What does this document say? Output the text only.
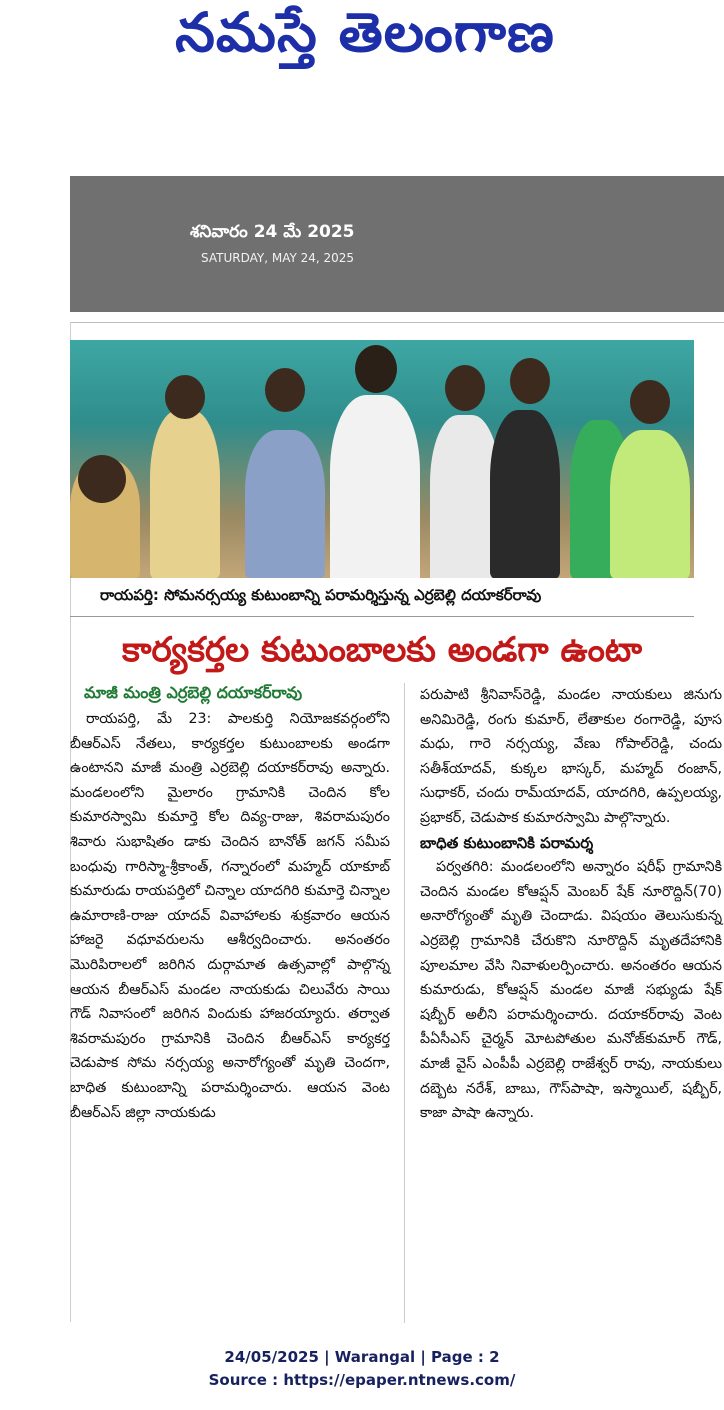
నమస్తే తెలంగాణ
శనివారం 24 మే 2025
SATURDAY, MAY 24, 2025
రాయపర్తి: సోమనర్సయ్య కుటుంబాన్ని పరామర్శిస్తున్న ఎర్రబెల్లి దయాకర్‌రావు
కార్యకర్తల కుటుంబాలకు అండగా ఉంటా
మాజీ మంత్రి ఎర్రబెల్లి దయాకర్‌రావు

రాయపర్తి, మే 23: పాలకుర్తి నియోజకవర్గంలోని బీఆర్‌ఎస్ నేతలు, కార్యకర్తల కుటుంబాలకు అండగా ఉంటానని మాజీ మంత్రి ఎర్రబెల్లి దయాకర్‌రావు అన్నారు. మండలంలోని మైలారం గ్రామానికి చెందిన కోల కుమారస్వామి కుమార్తె కోల దివ్య-రాజు, శివరామపురం శివారు సుభాషితం డాకు చెందిన బానోత్ జగన్ సమీప బంధువు గారిస్మా-శ్రీకాంత్, గన్నారంలో మహ్మద్ యాకూబ్ కుమారుడు రాయపర్తిలో చిన్నాల యాదగిరి కుమార్తె చిన్నాల ఉమారాణి-రాజు యాదవ్ వివాహాలకు శుక్రవారం ఆయన హాజరై వధూవరులను ఆశీర్వదించారు. అనంతరం మొరిపిరాలలో జరిగిన దుర్గామాత ఉత్సవాల్లో పాల్గొన్న ఆయన బీఆర్‌ఎస్ మండల నాయకుడు చిలువేరు సాయి గౌడ్ నివాసంలో జరిగిన విందుకు హాజరయ్యారు. తర్వాత శివరామపురం గ్రామానికి చెందిన బీఆర్‌ఎస్ కార్యకర్త చెడుపాక సోమ నర్సయ్య అనారోగ్యంతో మృతి చెందగా, బాధిత కుటుంబాన్ని పరామర్శించారు. ఆయన వెంట బీఆర్‌ఎస్ జిల్లా నాయకుడు

పరుపాటి శ్రీనివాస్‌రెడ్డి, మండల నాయకులు జినుగు అనిమిరెడ్డి, రంగు కుమార్, లేతాకుల రంగారెడ్డి, పూస మధు, గారె నర్సయ్య, వేణు గోపాల్‌రెడ్డి, చందు సతీశ్‌యాదవ్, కుక్కల భాస్కర్, మహ్మద్ రంజాన్, సుధాకర్, చందు రామ్‌యాదవ్, యాదగిరి, ఉప్పలయ్య, ప్రభాకర్, చెడుపాక కుమారస్వామి పాల్గొన్నారు.

బాధిత కుటుంబానికి పరామర్శ

పర్వతగిరి: మండలంలోని అన్నారం షరీఫ్ గ్రామానికి చెందిన మండల కోఆప్షన్ మెంబర్ షేక్ నూరొద్దిన్(70) అనారోగ్యంతో మృతి చెందాడు. విషయం తెలుసుకున్న ఎర్రబెల్లి గ్రామానికి చేరుకొని నూరొద్దిన్ మృతదేహానికి పూలమాల వేసి నివాళులర్పించారు. అనంతరం ఆయన కుమారుడు, కోఆప్షన్ మండల మాజీ సభ్యుడు షేక్ షబ్బీర్ అలీని పరామర్శించారు. దయాకర్‌రావు వెంట పీఏసీఎస్ చైర్మన్ మోటపోతుల మనోజ్‌కుమార్ గౌడ్, మాజీ వైస్ ఎంపీపీ ఎర్రబెల్లి రాజేశ్వర్ రావు, నాయకులు దబ్బెట నరేశ్, బాబు, గౌస్‌పాషా, ఇస్మాయిల్, షబ్బీర్, కాజా పాషా ఉన్నారు.

24/05/2025 | Warangal | Page : 2
Source : https://epaper.ntnews.com/
